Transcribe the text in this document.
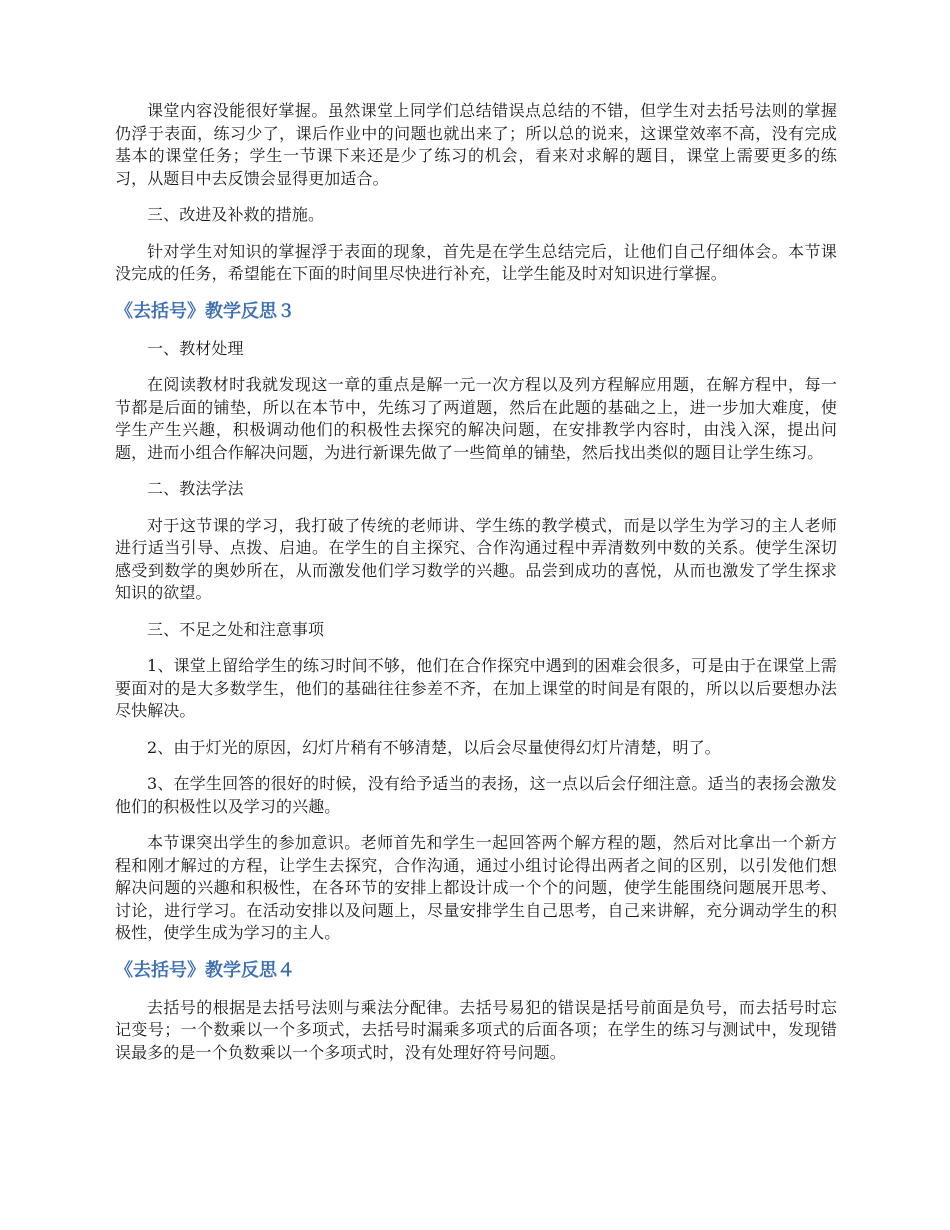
课堂内容没能很好掌握。虽然课堂上同学们总结错误点总结的不错，但学生对去括号法则的掌握仍浮于表面，练习少了，课后作业中的问题也就出来了；所以总的说来，这课堂效率不高，没有完成基本的课堂任务；学生一节课下来还是少了练习的机会，看来对求解的题目，课堂上需要更多的练习，从题目中去反馈会显得更加适合。

三、改进及补救的措施。

针对学生对知识的掌握浮于表面的现象，首先是在学生总结完后，让他们自己仔细体会。本节课没完成的任务，希望能在下面的时间里尽快进行补充，让学生能及时对知识进行掌握。

《去括号》教学反思３

一、教材处理

在阅读教材时我就发现这一章的重点是解一元一次方程以及列方程解应用题，在解方程中，每一节都是后面的铺垫，所以在本节中，先练习了两道题，然后在此题的基础之上，进一步加大难度，使学生产生兴趣，积极调动他们的积极性去探究的解决问题，在安排教学内容时，由浅入深，提出问题，进而小组合作解决问题，为进行新课先做了一些简单的铺垫，然后找出类似的题目让学生练习。

二、教法学法

对于这节课的学习，我打破了传统的老师讲、学生练的教学模式，而是以学生为学习的主人老师进行适当引导、点拨、启迪。在学生的自主探究、合作沟通过程中弄清数列中数的关系。使学生深切感受到数学的奥妙所在，从而激发他们学习数学的兴趣。品尝到成功的喜悦，从而也激发了学生探求知识的欲望。

三、不足之处和注意事项

1、课堂上留给学生的练习时间不够，他们在合作探究中遇到的困难会很多，可是由于在课堂上需要面对的是大多数学生，他们的基础往往参差不齐，在加上课堂的时间是有限的，所以以后要想办法尽快解决。

2、由于灯光的原因，幻灯片稍有不够清楚，以后会尽量使得幻灯片清楚，明了。

3、在学生回答的很好的时候，没有给予适当的表扬，这一点以后会仔细注意。适当的表扬会激发他们的积极性以及学习的兴趣。

本节课突出学生的参加意识。老师首先和学生一起回答两个解方程的题，然后对比拿出一个新方程和刚才解过的方程，让学生去探究，合作沟通，通过小组讨论得出两者之间的区别，以引发他们想解决问题的兴趣和积极性，在各环节的安排上都设计成一个个的问题，使学生能围绕问题展开思考、讨论，进行学习。在活动安排以及问题上，尽量安排学生自己思考，自己来讲解，充分调动学生的积极性，使学生成为学习的主人。

《去括号》教学反思４

去括号的根据是去括号法则与乘法分配律。去括号易犯的错误是括号前面是负号，而去括号时忘记变号；一个数乘以一个多项式，去括号时漏乘多项式的后面各项；在学生的练习与测试中，发现错误最多的是一个负数乘以一个多项式时，没有处理好符号问题。
